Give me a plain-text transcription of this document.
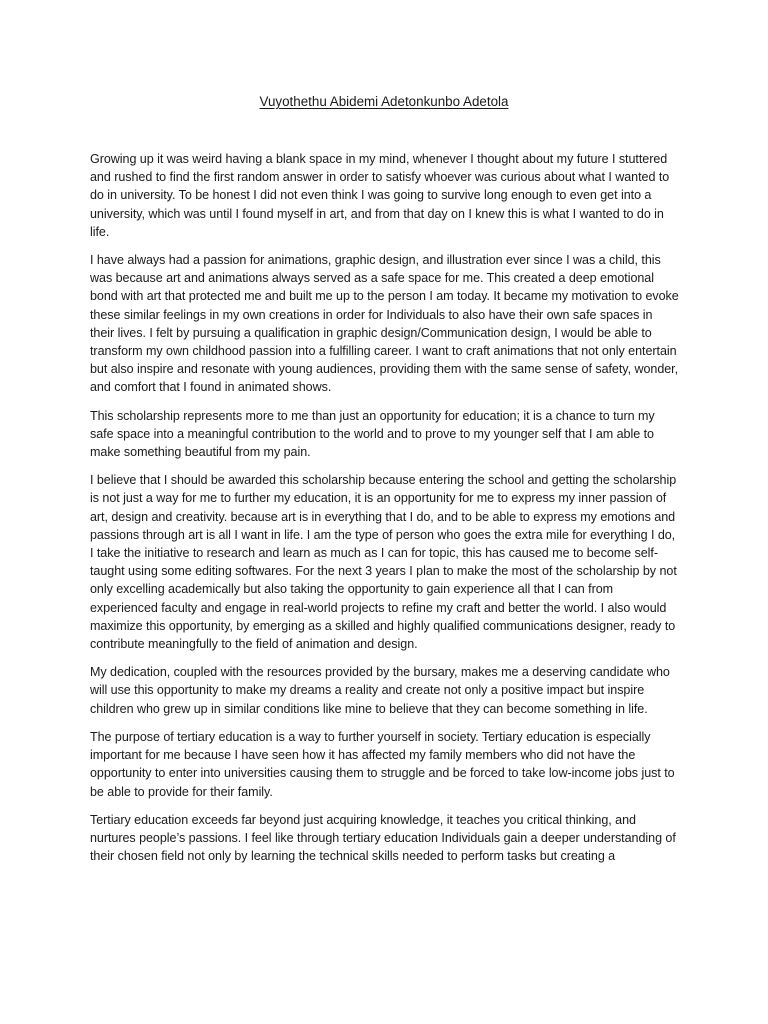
Vuyothethu Abidemi Adetonkunbo Adetola

Growing up it was weird having a blank space in my mind, whenever I thought about my future I stuttered and rushed to find the first random answer in order to satisfy whoever was curious about what I wanted to do in university. To be honest I did not even think I was going to survive long enough to even get into a university, which was until I found myself in art, and from that day on I knew this is what I wanted to do in life.

I have always had a passion for animations, graphic design, and illustration ever since I was a child, this was because art and animations always served as a safe space for me. This created a deep emotional bond with art that protected me and built me up to the person I am today. It became my motivation to evoke these similar feelings in my own creations in order for Individuals to also have their own safe spaces in their lives. I felt by pursuing a qualification in graphic design/Communication design, I would be able to transform my own childhood passion into a fulfilling career. I want to craft animations that not only entertain but also inspire and resonate with young audiences, providing them with the same sense of safety, wonder, and comfort that I found in animated shows.

This scholarship represents more to me than just an opportunity for education; it is a chance to turn my safe space into a meaningful contribution to the world and to prove to my younger self that I am able to make something beautiful from my pain.

I believe that I should be awarded this scholarship because entering the school and getting the scholarship is not just a way for me to further my education, it is an opportunity for me to express my inner passion of art, design and creativity. because art is in everything that I do, and to be able to express my emotions and passions through art is all I want in life. I am the type of person who goes the extra mile for everything I do, I take the initiative to research and learn as much as I can for topic, this has caused me to become self-taught using some editing softwares. For the next 3 years I plan to make the most of the scholarship by not only excelling academically but also taking the opportunity to gain experience all that I can from experienced faculty and engage in real-world projects to refine my craft and better the world. I also would maximize this opportunity, by emerging as a skilled and highly qualified communications designer, ready to contribute meaningfully to the field of animation and design.

My dedication, coupled with the resources provided by the bursary, makes me a deserving candidate who will use this opportunity to make my dreams a reality and create not only a positive impact but inspire children who grew up in similar conditions like mine to believe that they can become something in life.

The purpose of tertiary education is a way to further yourself in society. Tertiary education is especially important for me because I have seen how it has affected my family members who did not have the opportunity to enter into universities causing them to struggle and be forced to take low-income jobs just to be able to provide for their family.

Tertiary education exceeds far beyond just acquiring knowledge, it teaches you critical thinking, and nurtures people’s passions. I feel like through tertiary education Individuals gain a deeper understanding of their chosen field not only by learning the technical skills needed to perform tasks but creating a
